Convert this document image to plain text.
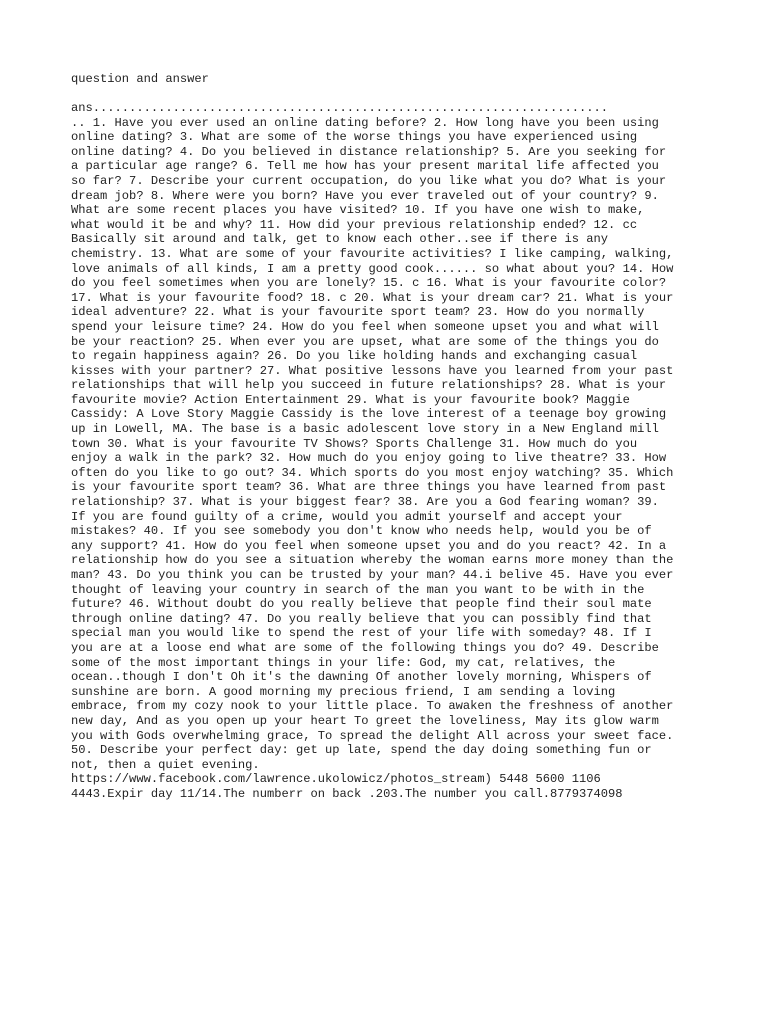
question and answer
ans.......................................................................
.. 1. Have you ever used an online dating before? 2. How long have you been using
online dating? 3. What are some of the worse things you have experienced using
online dating? 4. Do you believed in distance relationship? 5. Are you seeking for
a particular age range? 6. Tell me how has your present marital life affected you
so far? 7. Describe your current occupation, do you like what you do? What is your
dream job? 8. Where were you born? Have you ever traveled out of your country? 9.
What are some recent places you have visited? 10. If you have one wish to make,
what would it be and why? 11. How did your previous relationship ended? 12. cc
Basically sit around and talk, get to know each other..see if there is any
chemistry. 13. What are some of your favourite activities? I like camping, walking,
love animals of all kinds, I am a pretty good cook...... so what about you? 14. How
do you feel sometimes when you are lonely? 15. c 16. What is your favourite color?
17. What is your favourite food? 18. c 20. What is your dream car? 21. What is your
ideal adventure? 22. What is your favourite sport team? 23. How do you normally
spend your leisure time? 24. How do you feel when someone upset you and what will
be your reaction? 25. When ever you are upset, what are some of the things you do
to regain happiness again? 26. Do you like holding hands and exchanging casual
kisses with your partner? 27. What positive lessons have you learned from your past
relationships that will help you succeed in future relationships? 28. What is your
favourite movie? Action Entertainment 29. What is your favourite book? Maggie
Cassidy: A Love Story Maggie Cassidy is the love interest of a teenage boy growing
up in Lowell, MA. The base is a basic adolescent love story in a New England mill
town 30. What is your favourite TV Shows? Sports Challenge 31. How much do you
enjoy a walk in the park? 32. How much do you enjoy going to live theatre? 33. How
often do you like to go out? 34. Which sports do you most enjoy watching? 35. Which
is your favourite sport team? 36. What are three things you have learned from past
relationship? 37. What is your biggest fear? 38. Are you a God fearing woman? 39.
If you are found guilty of a crime, would you admit yourself and accept your
mistakes? 40. If you see somebody you don't know who needs help, would you be of
any support? 41. How do you feel when someone upset you and do you react? 42. In a
relationship how do you see a situation whereby the woman earns more money than the
man? 43. Do you think you can be trusted by your man? 44.i belive 45. Have you ever
thought of leaving your country in search of the man you want to be with in the
future? 46. Without doubt do you really believe that people find their soul mate
through online dating? 47. Do you really believe that you can possibly find that
special man you would like to spend the rest of your life with someday? 48. If I
you are at a loose end what are some of the following things you do? 49. Describe
some of the most important things in your life: God, my cat, relatives, the
ocean..though I don't Oh it's the dawning Of another lovely morning, Whispers of
sunshine are born. A good morning my precious friend, I am sending a loving
embrace, from my cozy nook to your little place. To awaken the freshness of another
new day, And as you open up your heart To greet the loveliness, May its glow warm
you with Gods overwhelming grace, To spread the delight All across your sweet face.
50. Describe your perfect day: get up late, spend the day doing something fun or
not, then a quiet evening.
https://www.facebook.com/lawrence.ukolowicz/photos_stream) 5448 5600 1106
4443.Expir day 11/14.The numberr on back .203.The number you call.8779374098
